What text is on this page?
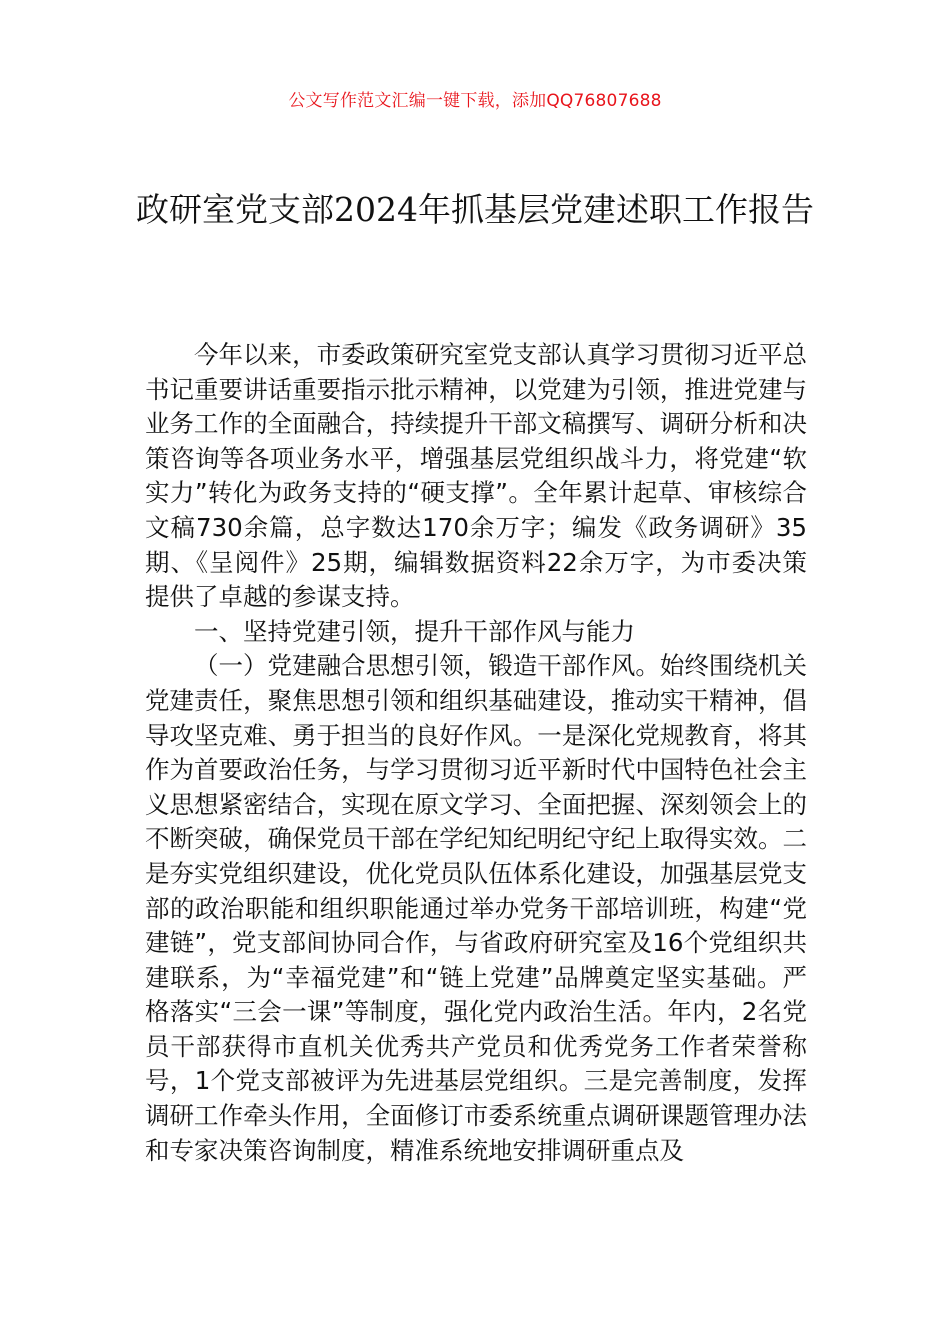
公文写作范文汇编一键下载，添加QQ76807688
政研室党支部2024年抓基层党建述职工作报告

今年以来，市委政策研究室党支部认真学习贯彻习近平总书记重要讲话重要指示批示精神，以党建为引领，推进党建与业务工作的全面融合，持续提升干部文稿撰写、调研分析和决策咨询等各项业务水平，增强基层党组织战斗力，将党建“软实力”转化为政务支持的“硬支撑”。全年累计起草、审核综合文稿730余篇，总字数达170余万字；编发《政务调研》35期、《呈阅件》25期，编辑数据资料22余万字，为市委决策提供了卓越的参谋支持。

一、坚持党建引领，提升干部作风与能力

（一）党建融合思想引领，锻造干部作风。始终围绕机关党建责任，聚焦思想引领和组织基础建设，推动实干精神，倡导攻坚克难、勇于担当的良好作风。一是深化党规教育，将其作为首要政治任务，与学习贯彻习近平新时代中国特色社会主义思想紧密结合，实现在原文学习、全面把握、深刻领会上的不断突破，确保党员干部在学纪知纪明纪守纪上取得实效。二是夯实党组织建设，优化党员队伍体系化建设，加强基层党支部的政治职能和组织职能通过举办党务干部培训班，构建“党建链”，党支部间协同合作，与省政府研究室及16个党组织共建联系，为“幸福党建”和“链上党建”品牌奠定坚实基础。严格落实“三会一课”等制度，强化党内政治生活。年内，2名党员干部获得市直机关优秀共产党员和优秀党务工作者荣誉称号，1个党支部被评为先进基层党组织。三是完善制度，发挥调研工作牵头作用，全面修订市委系统重点调研课题管理办法和专家决策咨询制度，精准系统地安排调研重点及
